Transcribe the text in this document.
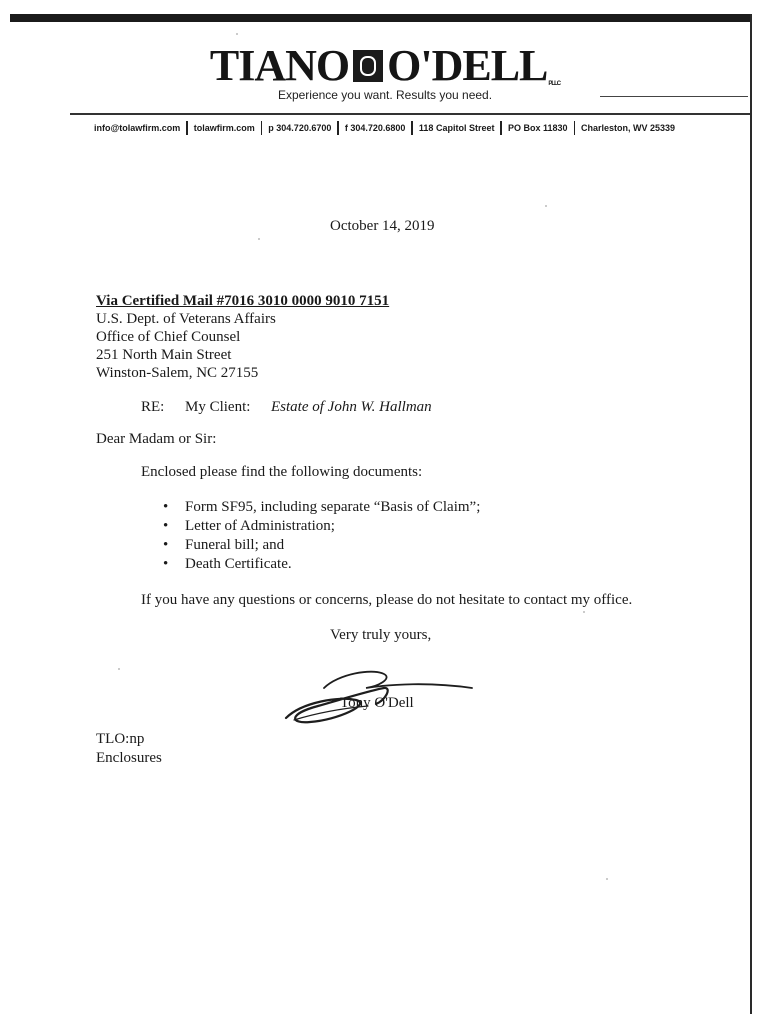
TIANO O'DELL PLLC
Experience you want. Results you need.
info@tolawfirm.com	tolawfirm.com	p 304.720.6700	f 304.720.6800	118 Capitol Street	PO Box 11830	Charleston, WV 25339
October 14, 2019
Via Certified Mail #7016 3010 0000 9010 7151
U.S. Dept. of Veterans Affairs
Office of Chief Counsel
251 North Main Street
Winston-Salem, NC 27155
RE: My Client: Estate of John W. Hallman
Dear Madam or Sir:
Enclosed please find the following documents:
• Form SF95, including separate “Basis of Claim”;
• Letter of Administration;
• Funeral bill; and
• Death Certificate.
If you have any questions or concerns, please do not hesitate to contact my office.
Very truly yours,
Tony O'Dell
TLO:np
Enclosures
